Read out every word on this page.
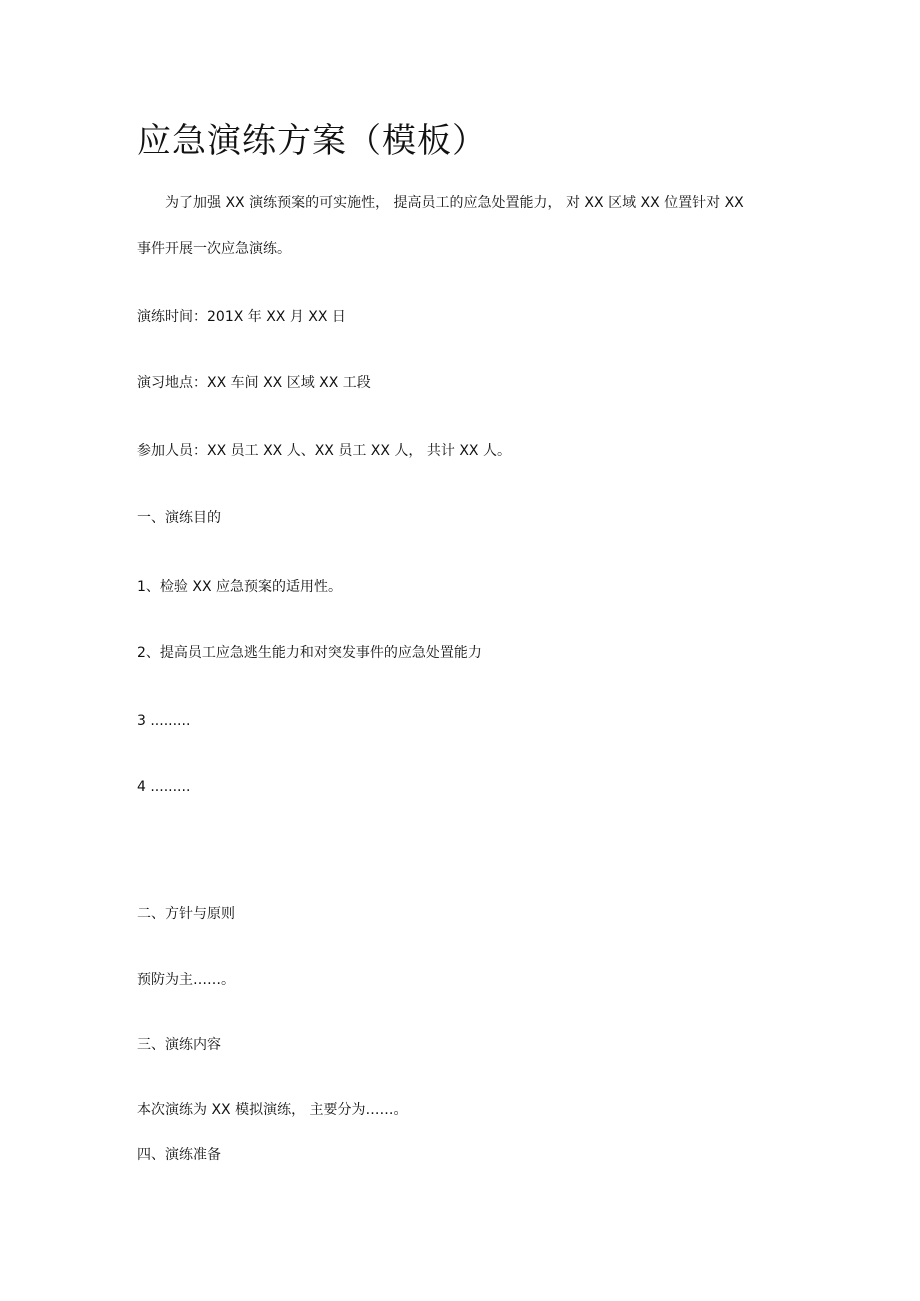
应急演练方案（模板）

为了加强 XX 演练预案的可实施性， 提高员工的应急处置能力， 对 XX 区域 XX 位置针对 XX

事件开展一次应急演练。

演练时间：201X 年 XX 月 XX 日

演习地点：XX 车间 XX 区域 XX 工段

参加人员：XX 员工 XX 人、XX 员工 XX 人， 共计 XX 人。

一、演练目的

1、检验 XX 应急预案的适用性。

2、提高员工应急逃生能力和对突发事件的应急处置能力

3 .........

4 .........

二、方针与原则

预防为主……。

三、演练内容

本次演练为 XX 模拟演练， 主要分为……。

四、演练准备
